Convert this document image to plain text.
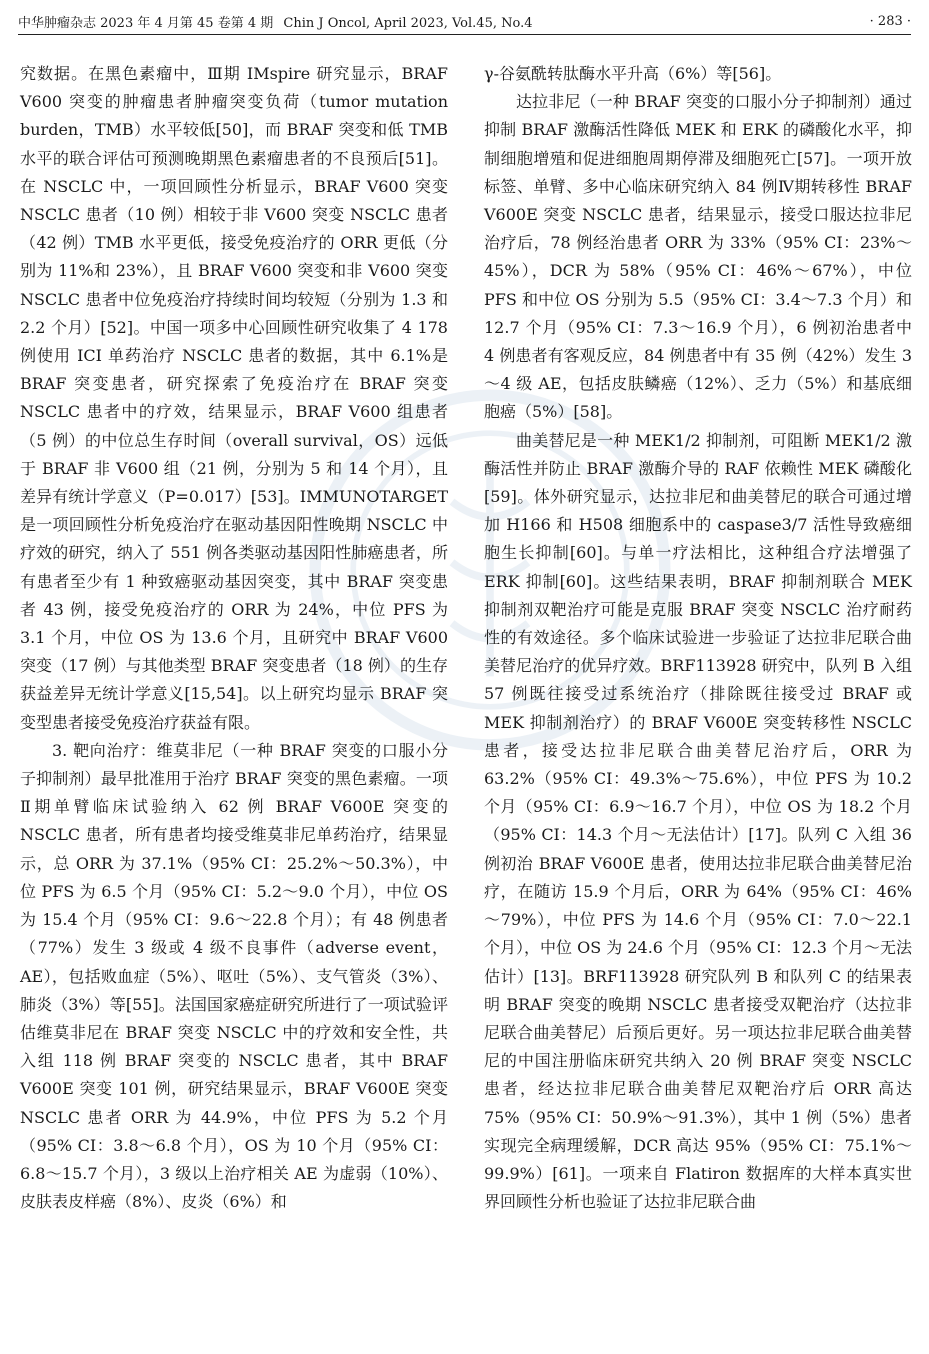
中华肿瘤杂志 2023 年 4 月第 45 卷第 4 期 Chin J Oncol, April 2023, Vol.45, No.4	· 283 ·

究数据。在黑色素瘤中，Ⅲ期 IMspire 研究显示，BRAF V600 突变的肿瘤患者肿瘤突变负荷（tumor mutation burden，TMB）水平较低[50]，而 BRAF 突变和低 TMB 水平的联合评估可预测晚期黑色素瘤患者的不良预后[51]。在 NSCLC 中，一项回顾性分析显示，BRAF V600 突变 NSCLC 患者（10 例）相较于非 V600 突变 NSCLC 患者（42 例）TMB 水平更低，接受免疫治疗的 ORR 更低（分别为 11%和 23%），且 BRAF V600 突变和非 V600 突变 NSCLC 患者中位免疫治疗持续时间均较短（分别为 1.3 和 2.2 个月）[52]。中国一项多中心回顾性研究收集了 4 178 例使用 ICI 单药治疗 NSCLC 患者的数据，其中 6.1%是 BRAF 突变患者，研究探索了免疫治疗在 BRAF 突变 NSCLC 患者中的疗效，结果显示，BRAF V600 组患者（5 例）的中位总生存时间（overall survival，OS）远低于 BRAF 非 V600 组（21 例，分别为 5 和 14 个月），且差异有统计学意义（P=0.017）[53]。IMMUNOTARGET 是一项回顾性分析免疫治疗在驱动基因阳性晚期 NSCLC 中疗效的研究，纳入了 551 例各类驱动基因阳性肺癌患者，所有患者至少有 1 种致癌驱动基因突变，其中 BRAF 突变患者 43 例，接受免疫治疗的 ORR 为 24%，中位 PFS 为 3.1 个月，中位 OS 为 13.6 个月，且研究中 BRAF V600 突变（17 例）与其他类型 BRAF 突变患者（18 例）的生存获益差异无统计学意义[15,54]。以上研究均显示 BRAF 突变型患者接受免疫治疗获益有限。

3. 靶向治疗：维莫非尼（一种 BRAF 突变的口服小分子抑制剂）最早批准用于治疗 BRAF 突变的黑色素瘤。一项Ⅱ期单臂临床试验纳入 62 例 BRAF V600E 突变的 NSCLC 患者，所有患者均接受维莫非尼单药治疗，结果显示，总 ORR 为 37.1%（95% CI：25.2%～50.3%），中位 PFS 为 6.5 个月（95% CI：5.2～9.0 个月），中位 OS 为 15.4 个月（95% CI：9.6～22.8 个月）；有 48 例患者（77%）发生 3 级或 4 级不良事件（adverse event，AE），包括败血症（5%）、呕吐（5%）、支气管炎（3%）、肺炎（3%）等[55]。法国国家癌症研究所进行了一项试验评估维莫非尼在 BRAF 突变 NSCLC 中的疗效和安全性，共入组 118 例 BRAF 突变的 NSCLC 患者，其中 BRAF V600E 突变 101 例，研究结果显示，BRAF V600E 突变 NSCLC 患者 ORR 为 44.9%，中位 PFS 为 5.2 个月（95% CI：3.8～6.8 个月），OS 为 10 个月（95% CI：6.8～15.7 个月），3 级以上治疗相关 AE 为虚弱（10%）、皮肤表皮样癌（8%）、皮炎（6%）和

γ-谷氨酰转肽酶水平升高（6%）等[56]。

达拉非尼（一种 BRAF 突变的口服小分子抑制剂）通过抑制 BRAF 激酶活性降低 MEK 和 ERK 的磷酸化水平，抑制细胞增殖和促进细胞周期停滞及细胞死亡[57]。一项开放标签、单臂、多中心临床研究纳入 84 例Ⅳ期转移性 BRAF V600E 突变 NSCLC 患者，结果显示，接受口服达拉非尼治疗后，78 例经治患者 ORR 为 33%（95% CI：23%～45%），DCR 为 58%（95% CI：46%～67%），中位 PFS 和中位 OS 分别为 5.5（95% CI：3.4～7.3 个月）和 12.7 个月（95% CI：7.3～16.9 个月），6 例初治患者中 4 例患者有客观反应，84 例患者中有 35 例（42%）发生 3～4 级 AE，包括皮肤鳞癌（12%）、乏力（5%）和基底细胞癌（5%）[58]。

曲美替尼是一种 MEK1/2 抑制剂，可阻断 MEK1/2 激酶活性并防止 BRAF 激酶介导的 RAF 依赖性 MEK 磷酸化[59]。体外研究显示，达拉非尼和曲美替尼的联合可通过增加 H166 和 H508 细胞系中的 caspase3/7 活性导致癌细胞生长抑制[60]。与单一疗法相比，这种组合疗法增强了 ERK 抑制[60]。这些结果表明，BRAF 抑制剂联合 MEK 抑制剂双靶治疗可能是克服 BRAF 突变 NSCLC 治疗耐药性的有效途径。多个临床试验进一步验证了达拉非尼联合曲美替尼治疗的优异疗效。BRF113928 研究中，队列 B 入组 57 例既往接受过系统治疗（排除既往接受过 BRAF 或 MEK 抑制剂治疗）的 BRAF V600E 突变转移性 NSCLC 患者，接受达拉非尼联合曲美替尼治疗后，ORR 为 63.2%（95% CI：49.3%～75.6%），中位 PFS 为 10.2 个月（95% CI：6.9～16.7 个月），中位 OS 为 18.2 个月（95% CI：14.3 个月～无法估计）[17]。队列 C 入组 36 例初治 BRAF V600E 患者，使用达拉非尼联合曲美替尼治疗，在随访 15.9 个月后，ORR 为 64%（95% CI：46%～79%），中位 PFS 为 14.6 个月（95% CI：7.0～22.1 个月），中位 OS 为 24.6 个月（95% CI：12.3 个月～无法估计）[13]。BRF113928 研究队列 B 和队列 C 的结果表明 BRAF 突变的晚期 NSCLC 患者接受双靶治疗（达拉非尼联合曲美替尼）后预后更好。另一项达拉非尼联合曲美替尼的中国注册临床研究共纳入 20 例 BRAF 突变 NSCLC 患者，经达拉非尼联合曲美替尼双靶治疗后 ORR 高达 75%（95% CI：50.9%～91.3%），其中 1 例（5%）患者实现完全病理缓解，DCR 高达 95%（95% CI：75.1%～99.9%）[61]。一项来自 Flatiron 数据库的大样本真实世界回顾性分析也验证了达拉非尼联合曲
